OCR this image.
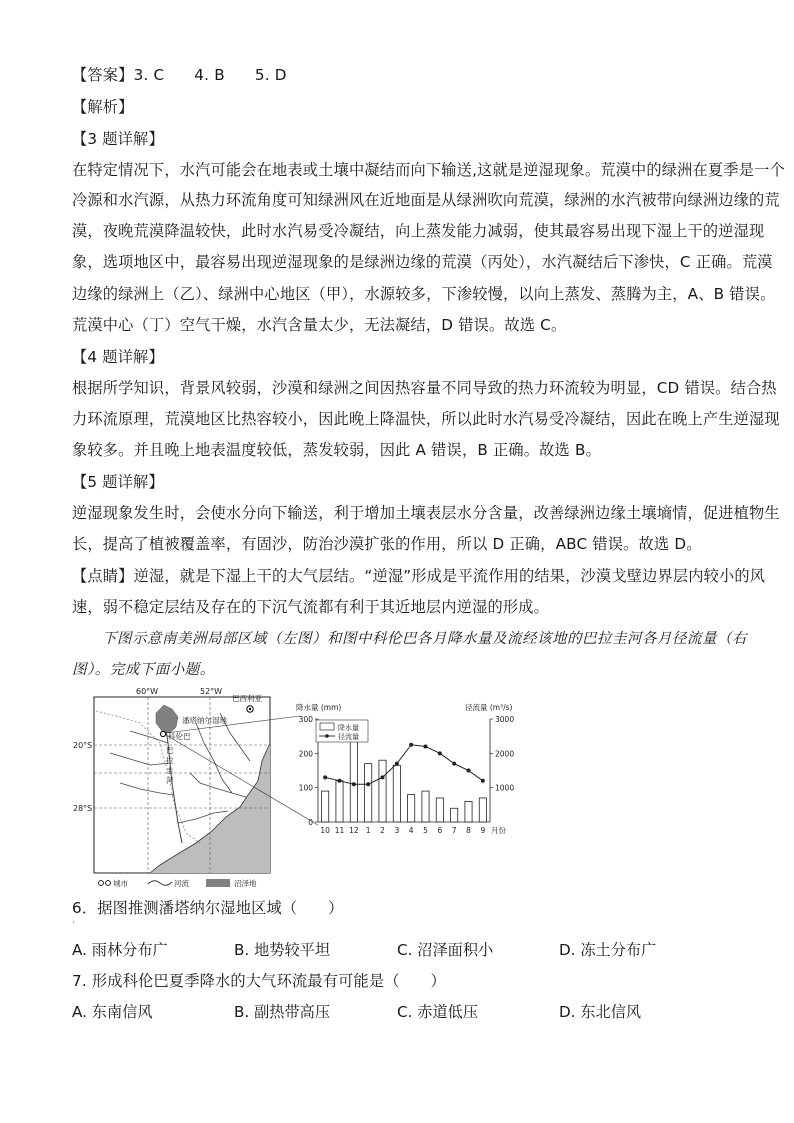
【答案】3. C 4. B 5. D
【解析】
【3 题详解】
在特定情况下，水汽可能会在地表或土壤中凝结而向下输送,这就是逆湿现象。荒漠中的绿洲在夏季是一个
冷源和水汽源，从热力环流角度可知绿洲风在近地面是从绿洲吹向荒漠，绿洲的水汽被带向绿洲边缘的荒
漠，夜晚荒漠降温较快，此时水汽易受冷凝结，向上蒸发能力减弱，使其最容易出现下湿上干的逆湿现
象，选项地区中，最容易出现逆湿现象的是绿洲边缘的荒漠（丙处），水汽凝结后下渗快，C 正确。荒漠
边缘的绿洲上（乙）、绿洲中心地区（甲），水源较多，下渗较慢，以向上蒸发、蒸腾为主，A、B 错误。
荒漠中心（丁）空气干燥，水汽含量太少，无法凝结，D 错误。故选 C。
【4 题详解】
根据所学知识，背景风较弱，沙漠和绿洲之间因热容量不同导致的热力环流较为明显，CD 错误。结合热
力环流原理，荒漠地区比热容较小，因此晚上降温快，所以此时水汽易受冷凝结，因此在晚上产生逆湿现
象较多。并且晚上地表温度较低，蒸发较弱，因此 A 错误，B 正确。故选 B。
【5 题详解】
逆湿现象发生时，会使水分向下输送，利于增加土壤表层水分含量，改善绿洲边缘土壤墒情，促进植物生
长，提高了植被覆盖率，有固沙，防治沙漠扩张的作用，所以 D 正确，ABC 错误。故选 D。
【点睛】逆湿，就是下湿上干的大气层结。“逆湿”形成是平流作用的结果，沙漠戈壁边界层内较小的风
速，弱不稳定层结及存在的下沉气流都有利于其近地层内逆湿的形成。
下图示意南美洲局部区域（左图）和图中科伦巴各月降水量及流经该地的巴拉圭河各月径流量（右
图）。完成下面小题。
60°W	52°W
20°S
28°S
巴西利亚
潘塔纳尔湿地
科伦巴
巴
拉
圭
河
城市	河流	沼泽地
降水量 (mm)	径流量 (m³/s)
0
100
200
300
1000
2000
3000
10 11 12 1 2 3 4 5 6 7 8 9 月份
降水量
径流量
6．据图推测潘塔纳尔湿地区域（　　）
·
A. 雨林分布广	B. 地势较平坦	C. 沼泽面积小	D. 冻土分布广
7. 形成科伦巴夏季降水的大气环流最有可能是（　　）
A. 东南信风	B. 副热带高压	C. 赤道低压	D. 东北信风
